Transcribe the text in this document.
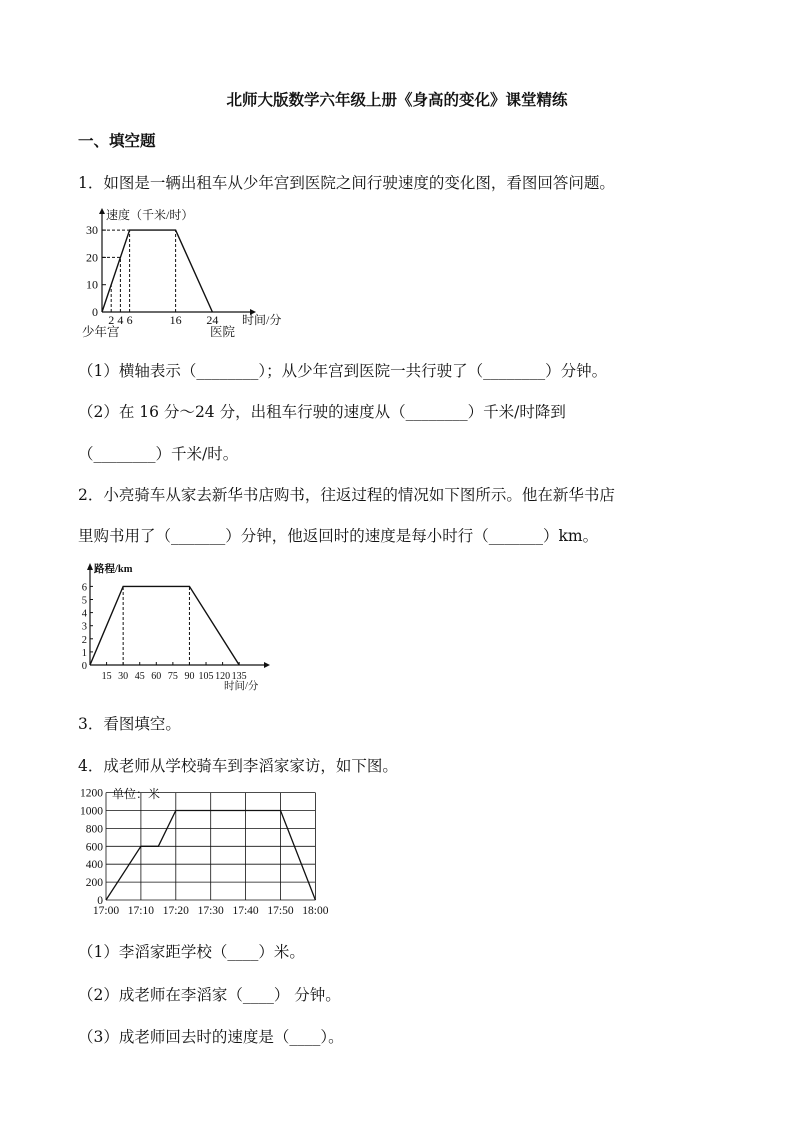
北师大版数学六年级上册《身高的变化》课堂精练
一、填空题
1．如图是一辆出租车从少年宫到医院之间行驶速度的变化图，看图回答问题。
速度（千米/时）
时间/分
0
10
20
30
2 4 6	16 24
少年宫	医院
（1）横轴表示（________）；从少年宫到医院一共行驶了（________）分钟。
（2）在 16 分～24 分，出租车行驶的速度从（________）千米/时降到
（________）千米/时。
2．小亮骑车从家去新华书店购书，往返过程的情况如下图所示。他在新华书店
里购书用了（_______）分钟，他返回时的速度是每小时行（_______）km。
路程/km
时间/分
0
1
2
3
4
5
6
15 30 45 60 75 90 105 120 135
3．看图填空。
4．成老师从学校骑车到李滔家家访，如下图。
0
200
400
600
800
1000
1200
17:00 17:10 17:20 17:30 17:40 17:50 18:00
单位：米
（1）李滔家距学校（____）米。
（2）成老师在李滔家（____） 分钟。
（3）成老师回去时的速度是（____）。
